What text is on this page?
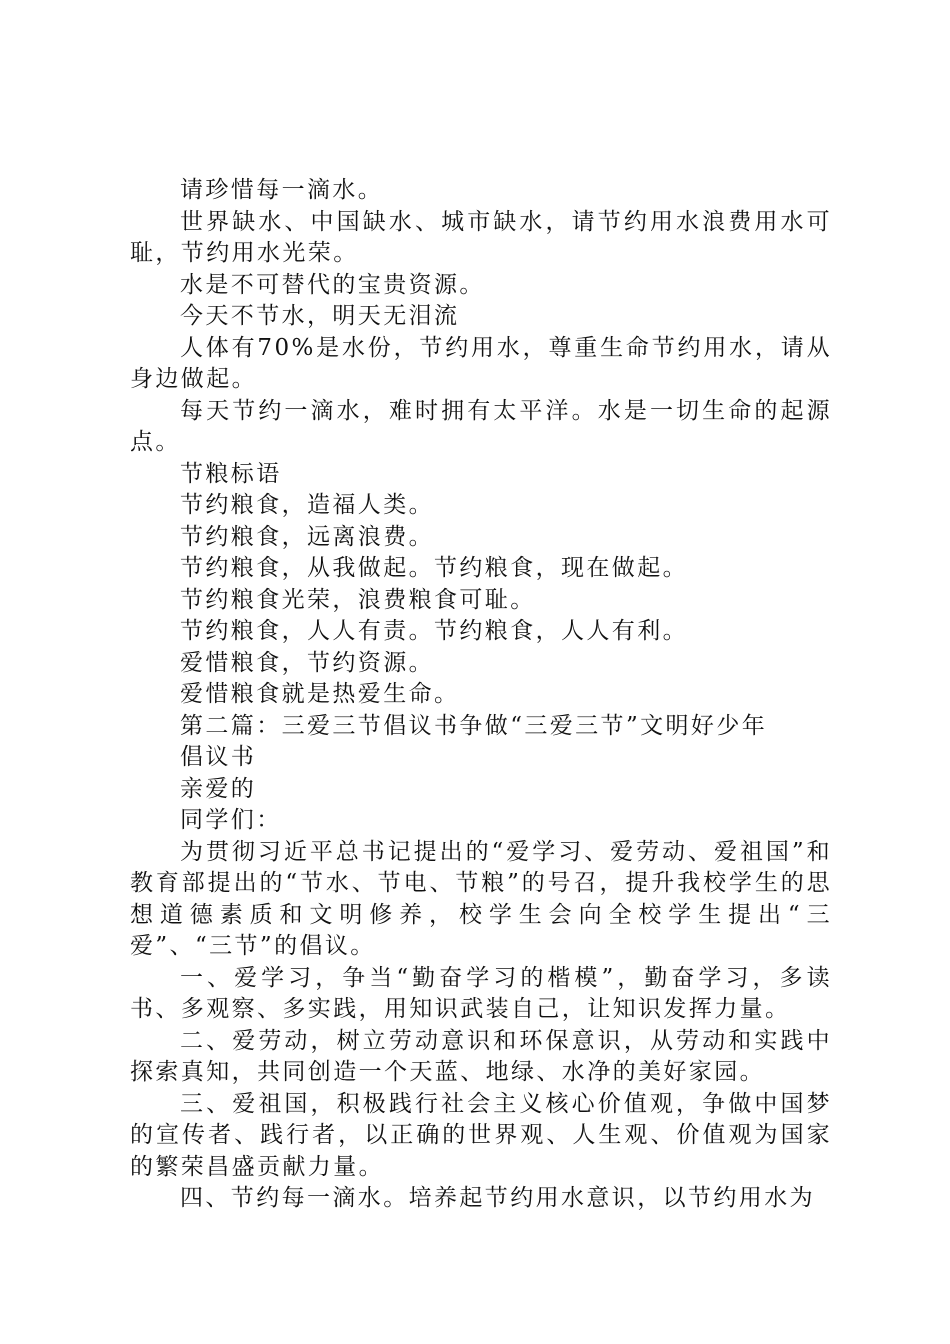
请珍惜每一滴水。

世界缺水、中国缺水、城市缺水，请节约用水浪费用水可耻，节约用水光荣。

水是不可替代的宝贵资源。

今天不节水，明天无泪流

人体有70%是水份，节约用水，尊重生命节约用水，请从身边做起。

每天节约一滴水，难时拥有太平洋。水是一切生命的起源点。

节粮标语

节约粮食，造福人类。

节约粮食，远离浪费。

节约粮食，从我做起。节约粮食，现在做起。

节约粮食光荣，浪费粮食可耻。

节约粮食，人人有责。节约粮食，人人有利。

爱惜粮食，节约资源。

爱惜粮食就是热爱生命。

第二篇：三爱三节倡议书争做“三爱三节”文明好少年

倡议书

亲爱的

同学们：

为贯彻习近平总书记提出的“爱学习、爱劳动、爱祖国”和教育部提出的“节水、节电、节粮”的号召，提升我校学生的思想道德素质和文明修养，校学生会向全校学生提出“三爱”、“三节”的倡议。

一、爱学习，争当“勤奋学习的楷模”，勤奋学习，多读书、多观察、多实践，用知识武装自己，让知识发挥力量。

二、爱劳动，树立劳动意识和环保意识，从劳动和实践中探索真知，共同创造一个天蓝、地绿、水净的美好家园。

三、爱祖国，积极践行社会主义核心价值观，争做中国梦的宣传者、践行者，以正确的世界观、人生观、价值观为国家的繁荣昌盛贡献力量。

四、节约每一滴水。培养起节约用水意识，以节约用水为
